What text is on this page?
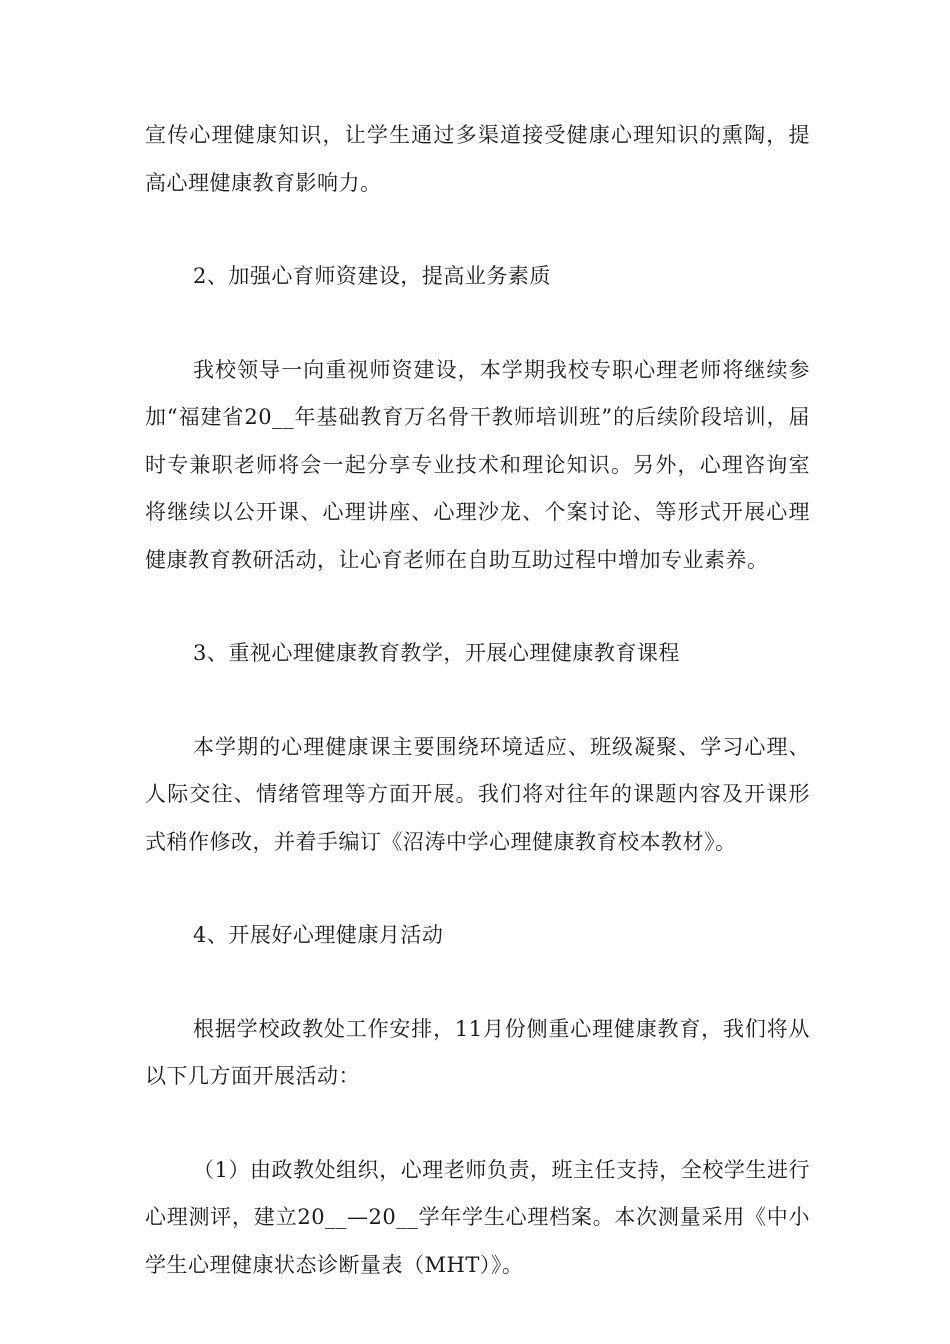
宣传心理健康知识，让学生通过多渠道接受健康心理知识的熏陶，提高心理健康教育影响力。

2、加强心育师资建设，提高业务素质

我校领导一向重视师资建设，本学期我校专职心理老师将继续参加“福建省20__年基础教育万名骨干教师培训班”的后续阶段培训，届时专兼职老师将会一起分享专业技术和理论知识。另外，心理咨询室将继续以公开课、心理讲座、心理沙龙、个案讨论、等形式开展心理健康教育教研活动，让心育老师在自助互助过程中增加专业素养。

3、重视心理健康教育教学，开展心理健康教育课程

本学期的心理健康课主要围绕环境适应、班级凝聚、学习心理、人际交往、情绪管理等方面开展。我们将对往年的课题内容及开课形式稍作修改，并着手编订《沼涛中学心理健康教育校本教材》。

4、开展好心理健康月活动

根据学校政教处工作安排，11月份侧重心理健康教育，我们将从以下几方面开展活动：

（1）由政教处组织，心理老师负责，班主任支持，全校学生进行心理测评，建立20__—20__学年学生心理档案。本次测量采用《中小学生心理健康状态诊断量表（MHT）》。
